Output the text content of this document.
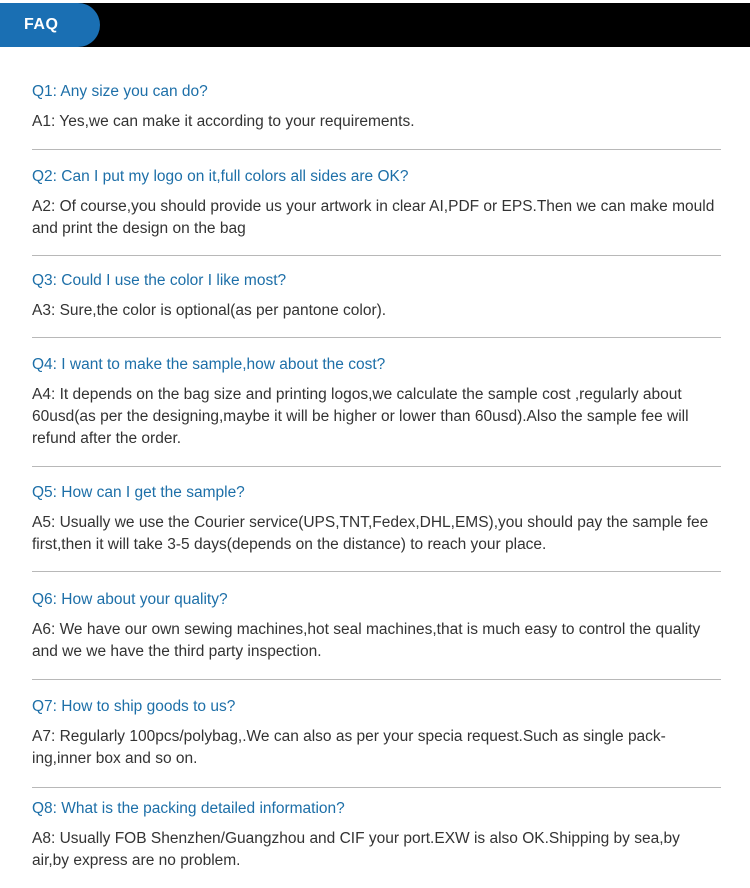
FAQ

Q1: Any size you can do?

A1: Yes,we can make it according to your requirements.

Q2: Can I put my logo on it,full colors all sides are OK?

A2: Of course,you should provide us your artwork in clear AI,PDF or EPS.Then we can make mould and print the design on the bag

Q3: Could I use the color I like most?

A3: Sure,the color is optional(as per pantone color).

Q4: I want to make the sample,how about the cost?

A4: It depends on the bag size and printing logos,we calculate the sample cost ,regularly about 60usd(as per the designing,maybe it will be higher or lower than 60usd).Also the sample fee will refund after the order.

Q5: How can I get the sample?

A5: Usually we use the Courier service(UPS,TNT,Fedex,DHL,EMS),you should pay the sample fee first,then it will take 3-5 days(depends on the distance) to reach your place.

Q6: How about your quality?

A6: We have our own sewing machines,hot seal machines,that is much easy to control the quality and we we have the third party inspection.

Q7: How to ship goods to us?

A7: Regularly 100pcs/polybag,.We can also as per your specia request.Such as single pack-ing,inner box and so on.

Q8: What is the packing detailed information?

A8: Usually FOB Shenzhen/Guangzhou and CIF your port.EXW is also OK.Shipping by sea,by air,by express are no problem.
